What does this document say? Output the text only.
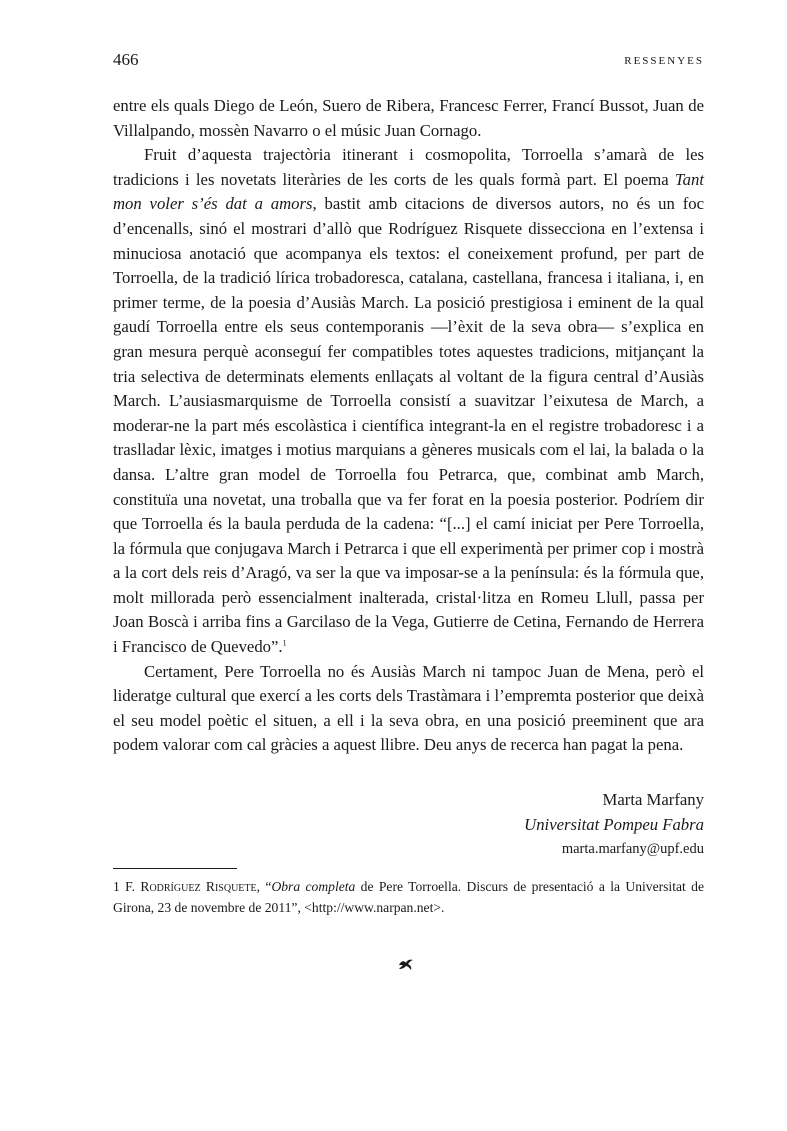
466	RESSENYES

entre els quals Diego de León, Suero de Ribera, Francesc Ferrer, Francí Bussot, Juan de Villalpando, mossèn Navarro o el músic Juan Cornago.

Fruit d’aquesta trajectòria itinerant i cosmopolita, Torroella s’amarà de les tradicions i les novetats literàries de les corts de les quals formà part. El poema Tant mon voler s’és dat a amors, bastit amb citacions de diversos autors, no és un foc d’encenalls, sinó el mostrari d’allò que Rodríguez Risquete dissecciona en l’extensa i minuciosa anotació que acompanya els textos: el coneixement profund, per part de Torroella, de la tradició lírica trobadoresca, catalana, castellana, francesa i italiana, i, en primer terme, de la poesia d’Ausiàs March. La posició prestigiosa i eminent de la qual gaudí Torroella entre els seus contemporanis —l’èxit de la seva obra— s’explica en gran mesura perquè aconseguí fer compatibles totes aquestes tradicions, mitjançant la tria selectiva de determinats elements enllaçats al voltant de la figura central d’Ausiàs March. L’ausiasmarquisme de Torroella consistí a suavitzar l’eixutesa de March, a moderar-ne la part més escolàstica i científica integrant-la en el registre trobadoresc i a traslladar lèxic, imatges i motius marquians a gèneres musicals com el lai, la balada o la dansa. L’altre gran model de Torroella fou Petrarca, que, combinat amb March, constituïa una novetat, una troballa que va fer forat en la poesia posterior. Podríem dir que Torroella és la baula perduda de la cadena: “[...] el camí iniciat per Pere Torroella, la fórmula que conjugava March i Petrarca i que ell experimentà per primer cop i mostrà a la cort dels reis d’Aragó, va ser la que va imposar-se a la península: és la fórmula que, molt millorada però essencialment inalterada, cristal·litza en Romeu Llull, passa per Joan Boscà i arriba fins a Garcilaso de la Vega, Gutierre de Cetina, Fernando de Herrera i Francisco de Quevedo”.$^1$

Certament, Pere Torroella no és Ausiàs March ni tampoc Juan de Mena, però el lideratge cultural que exercí a les corts dels Trastàmara i l’empremta posterior que deixà el seu model poètic el situen, a ell i la seva obra, en una posició preeminent que ara podem valorar com cal gràcies a aquest llibre. Deu anys de recerca han pagat la pena.

Marta Marfany
Universitat Pompeu Fabra
marta.marfany@upf.edu
1 F. Rodríguez Risquete, “Obra completa de Pere Torroella. Discurs de presentació a la Universitat de Girona, 23 de novembre de 2011”, <http://www.narpan.net>.
